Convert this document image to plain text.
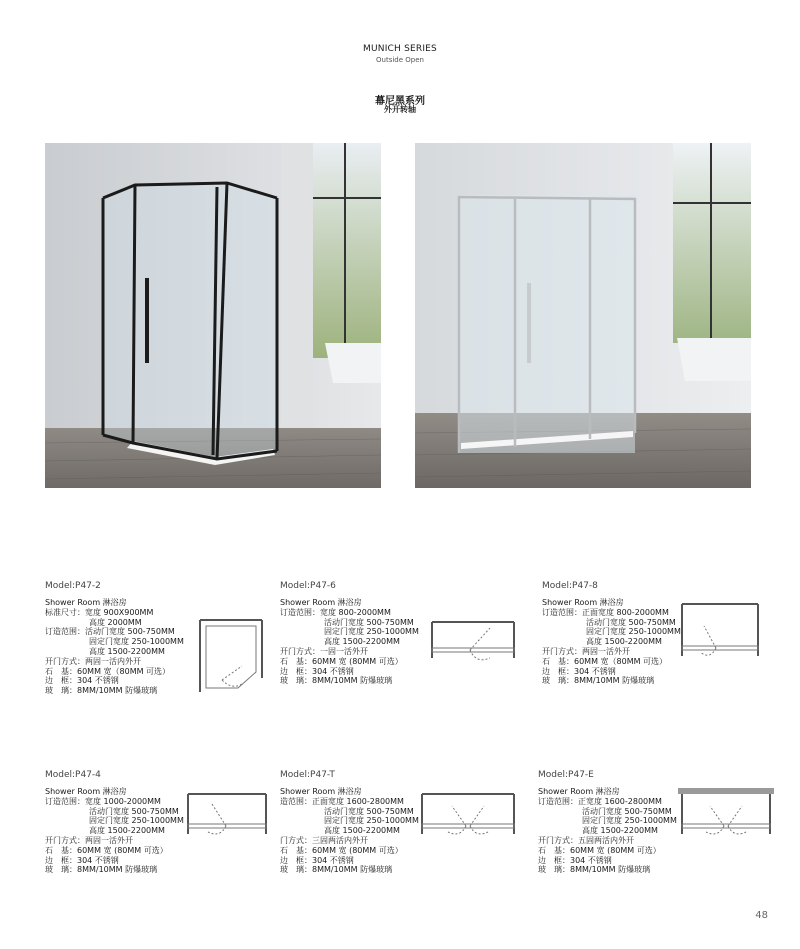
MUNICH SERIES
Outside Open
幕尼黑系列
外开转轴
Model:P47-2
Shower Room 淋浴房
标准尺寸：宽度 900X900MM
高度 2000MM
订造范围：活动门宽度 500-750MM
固定门宽度 250-1000MM
高度 1500-2200MM
开门方式：两固一活内外开
石　基：60MM 宽（80MM 可选）
边　框：304 不锈钢
玻　璃：8MM/10MM 防爆玻璃
Model:P47-6
Shower Room 淋浴房
订造范围：宽度 800-2000MM
活动门宽度 500-750MM
固定门宽度 250-1000MM
高度 1500-2200MM
开门方式：一固一活外开
石　基：60MM 宽 (80MM 可选）
边　框：304 不锈钢
玻　璃：8MM/10MM 防爆玻璃
Model:P47-8
Shower Room 淋浴房
订造范围：正面宽度 800-2000MM
活动门宽度 500-750MM
固定门宽度 250-1000MM
高度 1500-2200MM
开门方式：两固一活外开
石　基：60MM 宽（80MM 可选）
边　框：304 不锈钢
玻　璃：8MM/10MM 防爆玻璃
Model:P47-4
Shower Room 淋浴房
订造范围：宽度 1000-2000MM
活动门宽度 500-750MM
固定门宽度 250-1000MM
高度 1500-2200MM
开门方式：两固一活外开
石　基：60MM 宽 (80MM 可选）
边　框：304 不锈钢
玻　璃：8MM/10MM 防爆玻璃
Model:P47-T
Shower Room 淋浴房
造范围：正面宽度 1600-2800MM
活动门宽度 500-750MM
固定门宽度 250-1000MM
高度 1500-2200MM
门方式：三固两活内外开
石　基：60MM 宽 (80MM 可选）
边　框：304 不锈钢
玻　璃：8MM/10MM 防爆玻璃
Model:P47-E
Shower Room 淋浴房
订造范围：正宽度 1600-2800MM
活动门宽度 500-750MM
固定门宽度 250-1000MM
高度 1500-2200MM
开门方式：五固两活内外开
石　基：60MM 宽 (80MM 可选）
边　框：304 不锈钢
玻　璃：8MM/10MM 防爆玻璃
48
